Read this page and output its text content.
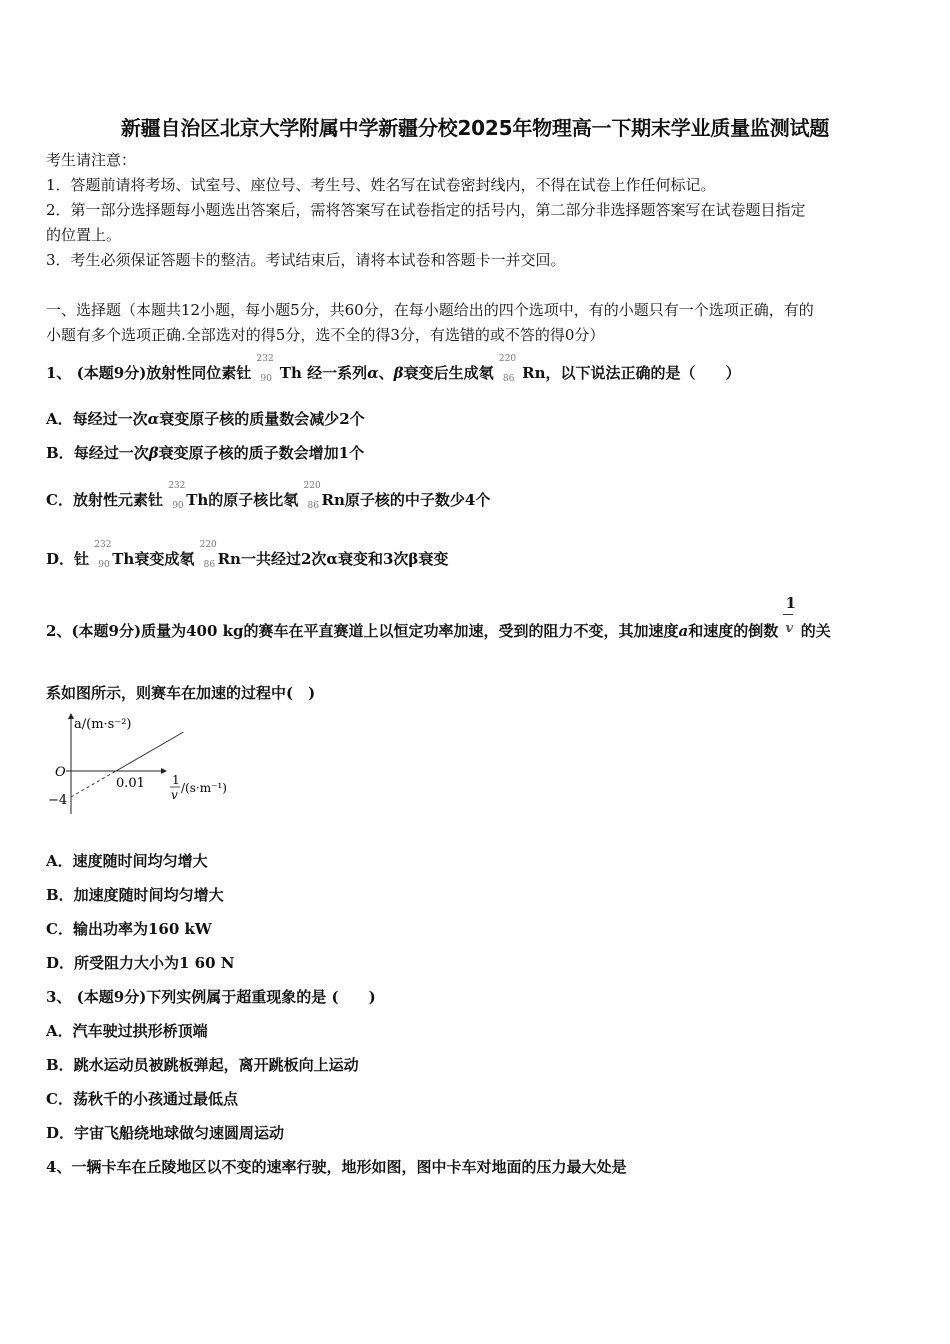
新疆自治区北京大学附属中学新疆分校2025年物理高一下期末学业质量监测试题
考生请注意：
1．答题前请将考场、试室号、座位号、考生号、姓名写在试卷密封线内，不得在试卷上作任何标记。
2．第一部分选择题每小题选出答案后，需将答案写在试卷指定的括号内，第二部分非选择题答案写在试卷题目指定
的位置上。
3．考生必须保证答题卡的整洁。考试结束后，请将本试卷和答题卡一并交回。
一、选择题（本题共12小题，每小题5分，共60分，在每小题给出的四个选项中，有的小题只有一个选项正确，有的
小题有多个选项正确.全部选对的得5分，选不全的得3分，有选错的或不答的得0分）
1、 (本题9分)放射性同位素钍
232
90 Th 经一系列α、β衰变后生成氡
220
86 Rn，以下说法正确的是（　　）
A．每经过一次α衰变原子核的质量数会减少2个
B．每经过一次β衰变原子核的质子数会增加1个
C．放射性元素钍
232
90 Th的原子核比氡
220
86 Rn原子核的中子数少4个
D．钍
232
90 Th衰变成氡
220
86 Rn一共经过2次α衰变和3次β衰变
2、(本题9分)质量为400 kg的赛车在平直赛道上以恒定功率加速，受到的阻力不变，其加速度a和速度的倒数 $\frac{1}{v}$ 的关
系如图所示，则赛车在加速的过程中(　)
a/(m·s⁻²)
O
−4
0.01 1
v /(s·m⁻¹)
A．速度随时间均匀增大
B．加速度随时间均匀增大
C．输出功率为160 kW
D．所受阻力大小为1 60 N
3、 (本题9分)下列实例属于超重现象的是 (　　)
A．汽车驶过拱形桥顶端
B．跳水运动员被跳板弹起，离开跳板向上运动
C．荡秋千的小孩通过最低点
D．宇宙飞船绕地球做匀速圆周运动
4、一辆卡车在丘陵地区以不变的速率行驶，地形如图，图中卡车对地面的压力最大处是
